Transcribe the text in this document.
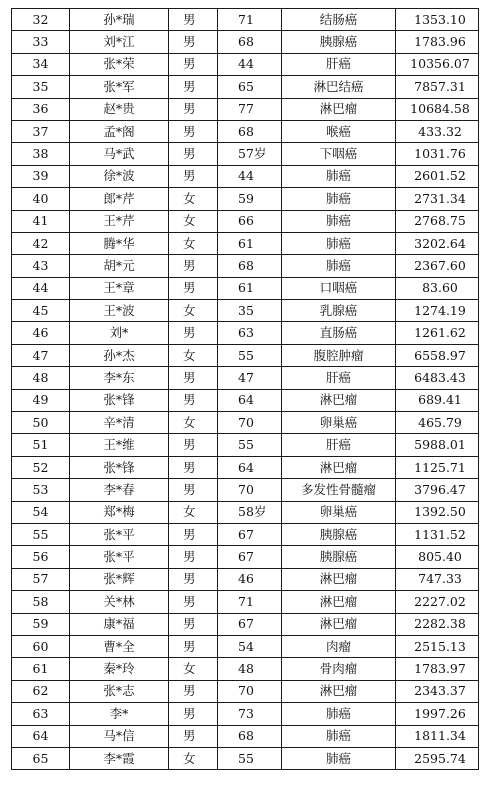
32	孙*瑞	男	71	结肠癌	1353.10
33	刘*江	男	68	胰腺癌	1783.96
34	张*荣	男	44	肝癌	10356.07
35	张*军	男	65	淋巴结癌	7857.31
36	赵*贵	男	77	淋巴瘤	10684.58
37	孟*阁	男	68	喉癌	433.32
38	马*武	男	57岁	下咽癌	1031.76
39	徐*波	男	44	肺癌	2601.52
40	郎*芹	女	59	肺癌	2731.34
41	王*芹	女	66	肺癌	2768.75
42	腾*华	女	61	肺癌	3202.64
43	胡*元	男	68	肺癌	2367.60
44	王*章	男	61	口咽癌	83.60
45	王*波	女	35	乳腺癌	1274.19
46	刘*	男	63	直肠癌	1261.62
47	孙*杰	女	55	腹腔肿瘤	6558.97
48	李*东	男	47	肝癌	6483.43
49	张*锋	男	64	淋巴瘤	689.41
50	辛*清	女	70	卵巢癌	465.79
51	王*维	男	55	肝癌	5988.01
52	张*锋	男	64	淋巴瘤	1125.71
53	李*春	男	70	多发性骨髓瘤	3796.47
54	郑*梅	女	58岁	卵巢癌	1392.50
55	张*平	男	67	胰腺癌	1131.52
56	张*平	男	67	胰腺癌	805.40
57	张*辉	男	46	淋巴瘤	747.33
58	关*林	男	71	淋巴瘤	2227.02
59	康*福	男	67	淋巴瘤	2282.38
60	曹*全	男	54	肉瘤	2515.13
61	秦*玲	女	48	骨肉瘤	1783.97
62	张*志	男	70	淋巴瘤	2343.37
63	李*	男	73	肺癌	1997.26
64	马*信	男	68	肺癌	1811.34
65	李*霞	女	55	肺癌	2595.74
